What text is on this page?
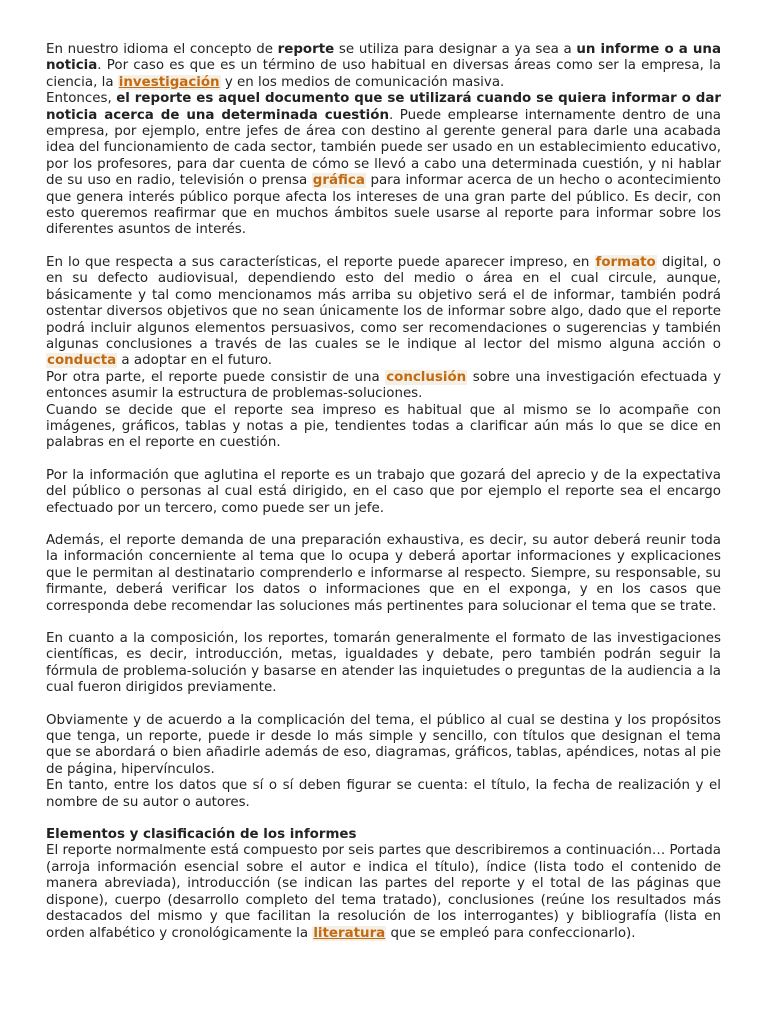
En nuestro idioma el concepto de reporte se utiliza para designar a ya sea a un informe o a una noticia. Por caso es que es un término de uso habitual en diversas áreas como ser la empresa, la ciencia, la investigación y en los medios de comunicación masiva.

Entonces, el reporte es aquel documento que se utilizará cuando se quiera informar o dar noticia acerca de una determinada cuestión. Puede emplearse internamente dentro de una empresa, por ejemplo, entre jefes de área con destino al gerente general para darle una acabada idea del funcionamiento de cada sector, también puede ser usado en un establecimiento educativo, por los profesores, para dar cuenta de cómo se llevó a cabo una determinada cuestión, y ni hablar de su uso en radio, televisión o prensa gráfica para informar acerca de un hecho o acontecimiento que genera interés público porque afecta los intereses de una gran parte del público. Es decir, con esto queremos reafirmar que en muchos ámbitos suele usarse al reporte para informar sobre los diferentes asuntos de interés.

En lo que respecta a sus características, el reporte puede aparecer impreso, en formato digital, o en su defecto audiovisual, dependiendo esto del medio o área en el cual circule, aunque, básicamente y tal como mencionamos más arriba su objetivo será el de informar, también podrá ostentar diversos objetivos que no sean únicamente los de informar sobre algo, dado que el reporte podrá incluir algunos elementos persuasivos, como ser recomendaciones o sugerencias y también algunas conclusiones a través de las cuales se le indique al lector del mismo alguna acción o conducta a adoptar en el futuro.

Por otra parte, el reporte puede consistir de una conclusión sobre una investigación efectuada y entonces asumir la estructura de problemas-soluciones.

Cuando se decide que el reporte sea impreso es habitual que al mismo se lo acompañe con imágenes, gráficos, tablas y notas a pie, tendientes todas a clarificar aún más lo que se dice en palabras en el reporte en cuestión.

Por la información que aglutina el reporte es un trabajo que gozará del aprecio y de la expectativa del público o personas al cual está dirigido, en el caso que por ejemplo el reporte sea el encargo efectuado por un tercero, como puede ser un jefe.

Además, el reporte demanda de una preparación exhaustiva, es decir, su autor deberá reunir toda la información concerniente al tema que lo ocupa y deberá aportar informaciones y explicaciones que le permitan al destinatario comprenderlo e informarse al respecto. Siempre, su responsable, su firmante, deberá verificar los datos o informaciones que en el exponga, y en los casos que corresponda debe recomendar las soluciones más pertinentes para solucionar el tema que se trate.

En cuanto a la composición, los reportes, tomarán generalmente el formato de las investigaciones científicas, es decir, introducción, metas, igualdades y debate, pero también podrán seguir la fórmula de problema-solución y basarse en atender las inquietudes o preguntas de la audiencia a la cual fueron dirigidos previamente.

Obviamente y de acuerdo a la complicación del tema, el público al cual se destina y los propósitos que tenga, un reporte, puede ir desde lo más simple y sencillo, con títulos que designan el tema que se abordará o bien añadirle además de eso, diagramas, gráficos, tablas, apéndices, notas al pie de página, hipervínculos.

En tanto, entre los datos que sí o sí deben figurar se cuenta: el título, la fecha de realización y el nombre de su autor o autores.

Elementos y clasificación de los informes

El reporte normalmente está compuesto por seis partes que describiremos a continuación… Portada (arroja información esencial sobre el autor e indica el título), índice (lista todo el contenido de manera abreviada), introducción (se indican las partes del reporte y el total de las páginas que dispone), cuerpo (desarrollo completo del tema tratado), conclusiones (reúne los resultados más destacados del mismo y que facilitan la resolución de los interrogantes) y bibliografía (lista en orden alfabético y cronológicamente la literatura que se empleó para confeccionarlo).
